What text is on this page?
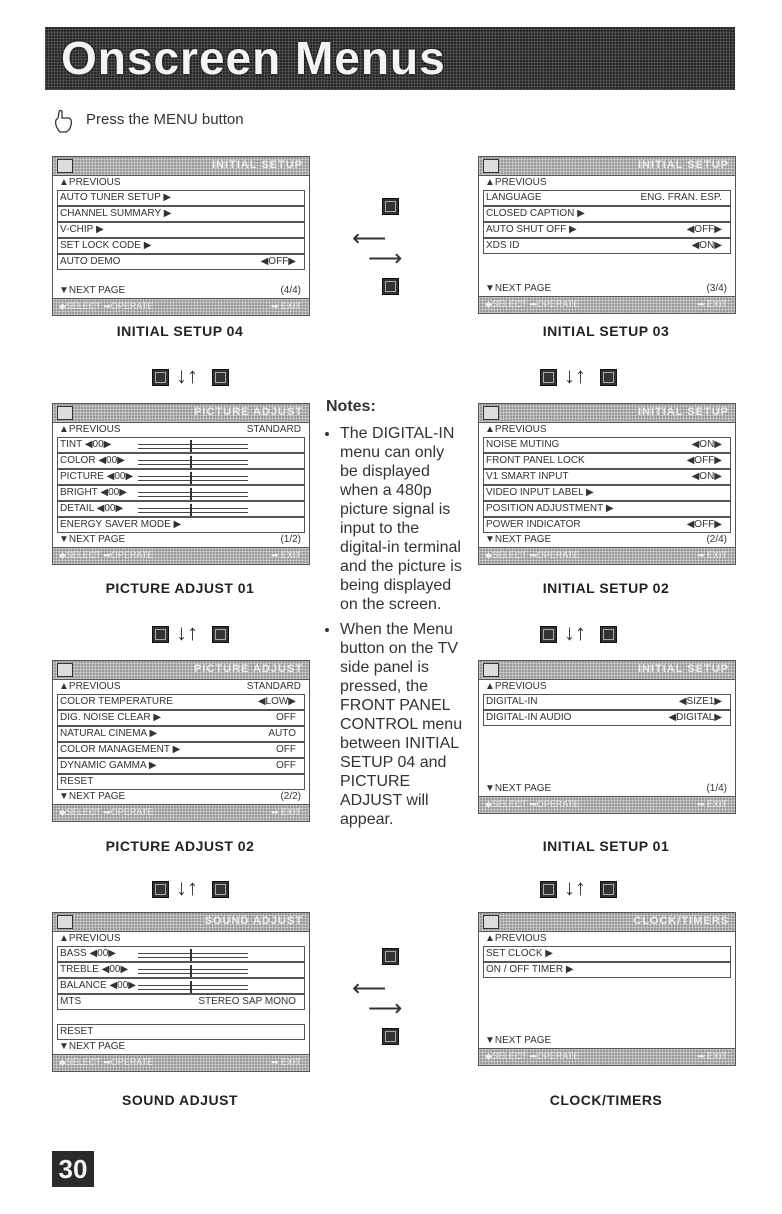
Onscreen Menus
Press the MENU button
INITIAL SETUP
▲PREVIOUS
AUTO TUNER SETUP ▶
CHANNEL SUMMARY ▶
V-CHIP ▶
SET LOCK CODE ▶
AUTO DEMO	◀OFF▶
▼NEXT PAGE	(4/4)
◆SELECT ➡OPERATE	➡ EXIT
INITIAL SETUP 04
INITIAL SETUP
▲PREVIOUS
LANGUAGE	ENG. FRAN. ESP.
CLOSED CAPTION ▶
AUTO SHUT OFF ▶	◀OFF▶
XDS ID	◀ON▶
▼NEXT PAGE	(3/4)
◆SELECT ➡OPERATE	➡ EXIT
INITIAL SETUP 03
PICTURE ADJUST
▲PREVIOUS	STANDARD
TINT ◀00▶
COLOR ◀00▶
PICTURE ◀00▶
BRIGHT ◀00▶
DETAIL ◀00▶
ENERGY SAVER MODE ▶
▼NEXT PAGE	(1/2)
◆SELECT ➡OPERATE	➡ EXIT
PICTURE ADJUST 01
INITIAL SETUP
▲PREVIOUS
NOISE MUTING	◀ON▶
FRONT PANEL LOCK	◀OFF▶
V1 SMART INPUT	◀ON▶
VIDEO INPUT LABEL ▶
POSITION ADJUSTMENT ▶
POWER INDICATOR	◀OFF▶
▼NEXT PAGE	(2/4)
◆SELECT ➡OPERATE	➡ EXIT
INITIAL SETUP 02
PICTURE ADJUST
▲PREVIOUS	STANDARD
COLOR TEMPERATURE	◀LOW▶
DIG. NOISE CLEAR ▶	OFF
NATURAL CINEMA ▶	AUTO
COLOR MANAGEMENT ▶	OFF
DYNAMIC GAMMA ▶	OFF
RESET
▼NEXT PAGE	(2/2)
◆SELECT ➡OPERATE	➡ EXIT
PICTURE ADJUST 02
INITIAL SETUP
▲PREVIOUS
DIGITAL-IN	◀SIZE1▶
DIGITAL-IN AUDIO	◀DIGITAL▶
▼NEXT PAGE	(1/4)
◆SELECT ➡OPERATE	➡ EXIT
INITIAL SETUP 01
SOUND ADJUST
▲PREVIOUS
BASS ◀00▶
TREBLE ◀00▶
BALANCE ◀00▶
MTS	STEREO SAP MONO
RESET
▼NEXT PAGE
◆SELECT ➡OPERATE	➡ EXIT
SOUND ADJUST
CLOCK/TIMERS
▲PREVIOUS
SET CLOCK ▶
ON / OFF TIMER ▶
▼NEXT PAGE
◆SELECT ➡OPERATE	➡ EXIT
CLOCK/TIMERS
↓↑	↓↑
↓↑	↓↑
↓↑	↓↑
⟵
⟶
⟵
⟶
Notes:
• The DIGITAL-IN menu can only be displayed when a 480p picture signal is input to the digital-in terminal and the picture is being displayed on the screen.
• When the Menu button on the TV side panel is pressed, the FRONT PANEL CONTROL menu between INITIAL SETUP 04 and PICTURE ADJUST will appear.
30
